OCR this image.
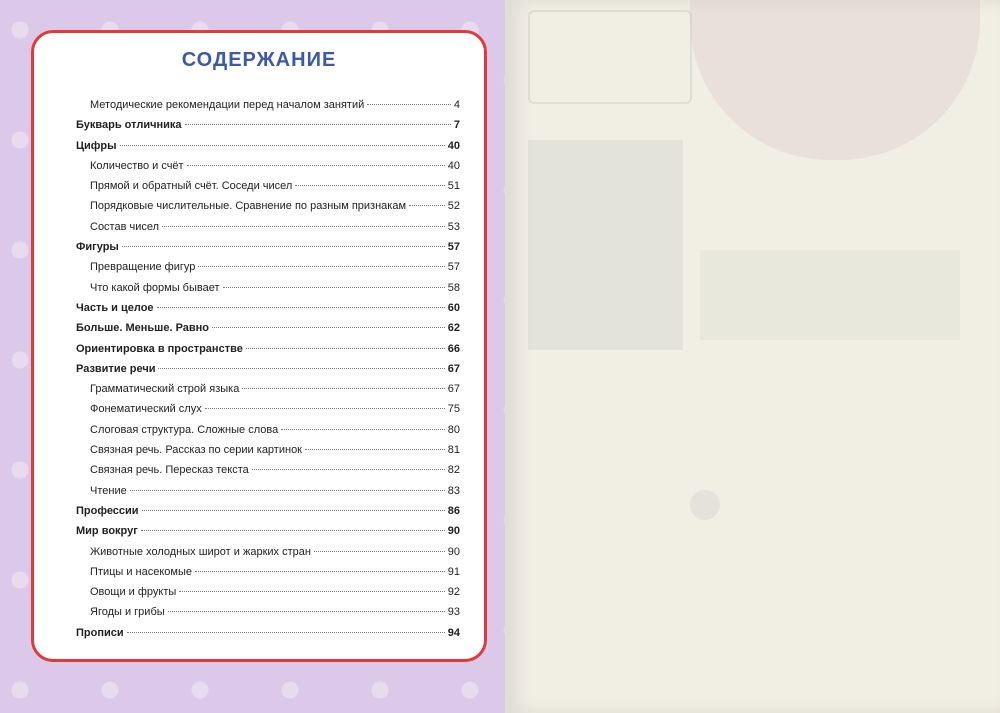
СОДЕРЖАНИЕ
Методические рекомендации перед началом занятий	4
Букварь отличника	7
Цифры	40
Количество и счёт	40
Прямой и обратный счёт. Соседи чисел	51
Порядковые числительные. Сравнение по разным признакам	52
Состав чисел	53
Фигуры	57
Превращение фигур	57
Что какой формы бывает	58
Часть и целое	60
Больше. Меньше. Равно	62
Ориентировка в пространстве	66
Развитие речи	67
Грамматический строй языка	67
Фонематический слух	75
Слоговая структура. Сложные слова	80
Связная речь. Рассказ по серии картинок	81
Связная речь. Пересказ текста	82
Чтение	83
Профессии	86
Мир вокруг	90
Животные холодных широт и жарких стран	90
Птицы и насекомые	91
Овощи и фрукты	92
Ягоды и грибы	93
Прописи	94
